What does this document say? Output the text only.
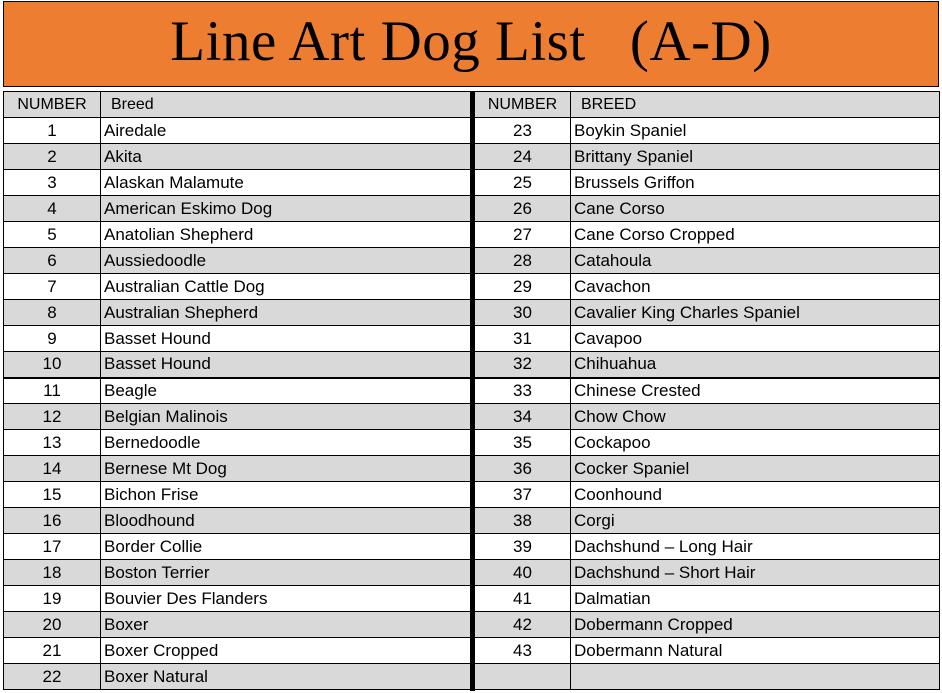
Line Art Dog List   (A-D)
NUMBER	Breed
1	Airedale
2	Akita
3	Alaskan Malamute
4	American Eskimo Dog
5	Anatolian Shepherd
6	Aussiedoodle
7	Australian Cattle Dog
8	Australian Shepherd
9	Basset Hound
10	Basset Hound
11	Beagle
12	Belgian Malinois
13	Bernedoodle
14	Bernese Mt Dog
15	Bichon Frise
16	Bloodhound
17	Border Collie
18	Boston Terrier
19	Bouvier Des Flanders
20	Boxer
21	Boxer Cropped
22	Boxer Natural
NUMBER	BREED
23	Boykin Spaniel
24	Brittany Spaniel
25	Brussels Griffon
26	Cane Corso
27	Cane Corso Cropped
28	Catahoula
29	Cavachon
30	Cavalier King Charles Spaniel
31	Cavapoo
32	Chihuahua
33	Chinese Crested
34	Chow Chow
35	Cockapoo
36	Cocker Spaniel
37	Coonhound
38	Corgi
39	Dachshund – Long Hair
40	Dachshund – Short Hair
41	Dalmatian
42	Dobermann Cropped
43	Dobermann Natural
